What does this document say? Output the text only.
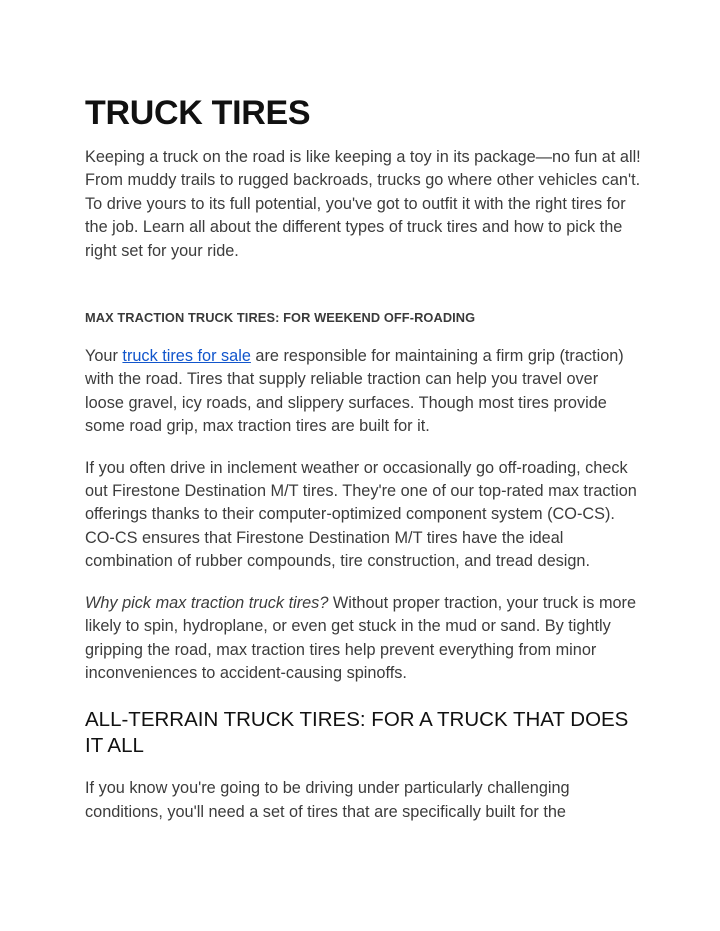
TRUCK TIRES

Keeping a truck on the road is like keeping a toy in its package—no fun at all! From muddy trails to rugged backroads, trucks go where other vehicles can't. To drive yours to its full potential, you've got to outfit it with the right tires for the job. Learn all about the different types of truck tires and how to pick the right set for your ride.

MAX TRACTION TRUCK TIRES: FOR WEEKEND OFF-ROADING

Your truck tires for sale are responsible for maintaining a firm grip (traction) with the road. Tires that supply reliable traction can help you travel over loose gravel, icy roads, and slippery surfaces. Though most tires provide some road grip, max traction tires are built for it.

If you often drive in inclement weather or occasionally go off-roading, check out Firestone Destination M/T tires. They're one of our top-rated max traction offerings thanks to their computer-optimized component system (CO-CS). CO-CS ensures that Firestone Destination M/T tires have the ideal combination of rubber compounds, tire construction, and tread design.

Why pick max traction truck tires? Without proper traction, your truck is more likely to spin, hydroplane, or even get stuck in the mud or sand. By tightly gripping the road, max traction tires help prevent everything from minor inconveniences to accident-causing spinoffs.

ALL-TERRAIN TRUCK TIRES: FOR A TRUCK THAT DOES IT ALL

If you know you're going to be driving under particularly challenging conditions, you'll need a set of tires that are specifically built for the
